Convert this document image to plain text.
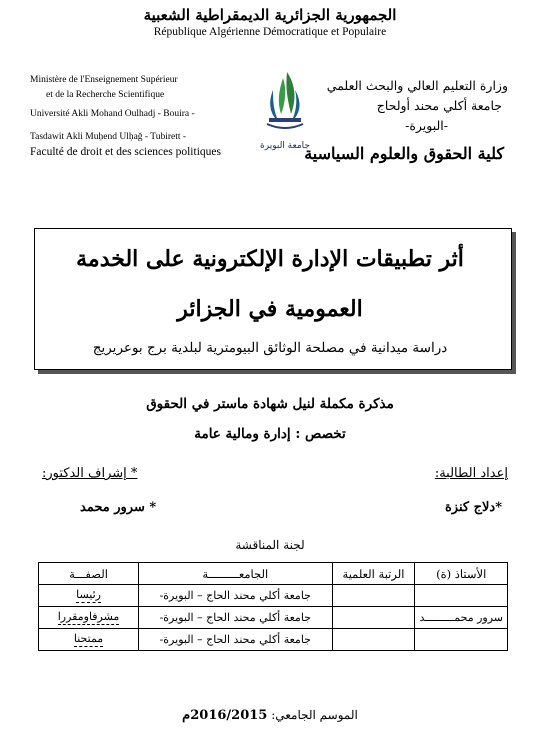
الجمهورية الجزائرية الديمقراطية الشعبية
République Algérienne Démocratique et Populaire
Ministère de l'Enseignement Supérieur
et de la Recherche Scientifique
Université Akli Mohand Oulhadj - Bouira -
Tasdawit Akli Muḥend Ulḥağ - Tubirett -
Faculté de droit et des sciences politiques	جامعة البويرة
وزارة التعليم العالي والبحث العلمي
جامعة أكلي محند أولحاج
-البويرة-
كلية الحقوق والعلوم السياسية
أثر تطبيقات الإدارة الإلكترونية على الخدمة
العمومية في الجزائر
دراسة ميدانية في مصلحة الوثائق البيومترية لبلدية برج بوعريريج
مذكرة مكملة لنيل شهادة ماستر في الحقوق
تخصص : إدارة ومالية عامة
إعداد الطالبة:
*دلاج كنزة
* إشراف الدكتور:
* سرور محمد
لجنة المناقشة
الأستاذ (ة)	الرتبة العلمية	الجامعـــــــــة	الصفـــة
		جامعة أكلي محند الحاج – البويرة-	رئيسا
سرور محمـــــــــد		جامعة أكلي محند الحاج – البويرة-	مشرفاومقررا
		جامعة أكلي محند الحاج – البويرة-	ممتحنا
الموسم الجامعي: 2016/2015م
